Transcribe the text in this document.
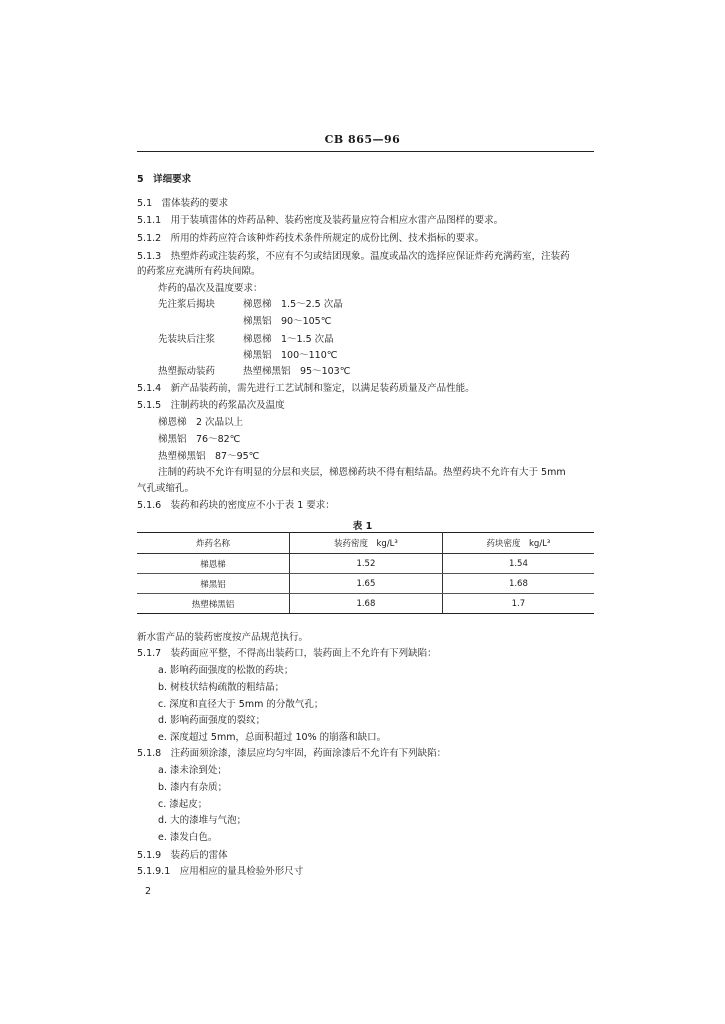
CB 865—96
5　详细要求
5.1　雷体装药的要求
5.1.1　用于装填雷体的炸药品种、装药密度及装药量应符合相应水雷产品图样的要求。
5.1.2　所用的炸药应符合该种炸药技术条件所规定的成份比例、技术指标的要求。
5.1.3　热塑炸药或注装药浆，不应有不匀或结团现象。温度或晶次的选择应保证炸药充满药室，注装药
的药浆应充满所有药块间隙。
炸药的晶次及温度要求：
先注浆后揭块	梯恩梯　1.5～2.5 次晶
梯黑铝　90～105℃
先装块后注浆	梯恩梯　1～1.5 次晶
梯黑铝　100～110℃
热塑振动装药	热塑梯黑铝　95～103℃
5.1.4　新产品装药前，需先进行工艺试制和鉴定，以满足装药质量及产品性能。
5.1.5　注制药块的药浆晶次及温度
梯恩梯　2 次晶以上
梯黑铝　76～82℃
热塑梯黑铝　87～95℃
注制的药块不允许有明显的分层和夹层，梯恩梯药块不得有粗结晶。热塑药块不允许有大于 5mm
气孔或缩孔。
5.1.6　装药和药块的密度应不小于表 1 要求：
表 1
炸药名称	装药密度　kg/L³	药块密度　kg/L³
梯恩梯	1.52	1.54
梯黑铝	1.65	1.68
热塑梯黑铝	1.68	1.7
新水雷产品的装药密度按产品规范执行。
5.1.7　装药面应平整，不得高出装药口，装药面上不允许有下列缺陷：
a. 影响药面强度的松散的药块；
b. 树枝状结构疏散的粗结晶；
c. 深度和直径大于 5mm 的分散气孔；
d. 影响药面强度的裂纹；
e. 深度超过 5mm，总面积超过 10% 的崩落和缺口。
5.1.8　注药面须涂漆，漆层应均匀牢固，药面涂漆后不允许有下列缺陷：
a. 漆未涂到处；
b. 漆内有杂质；
c. 漆起皮；
d. 大的漆堆与气泡；
e. 漆发白色。
5.1.9　装药后的雷体
5.1.9.1　应用相应的量具检验外形尺寸
2
